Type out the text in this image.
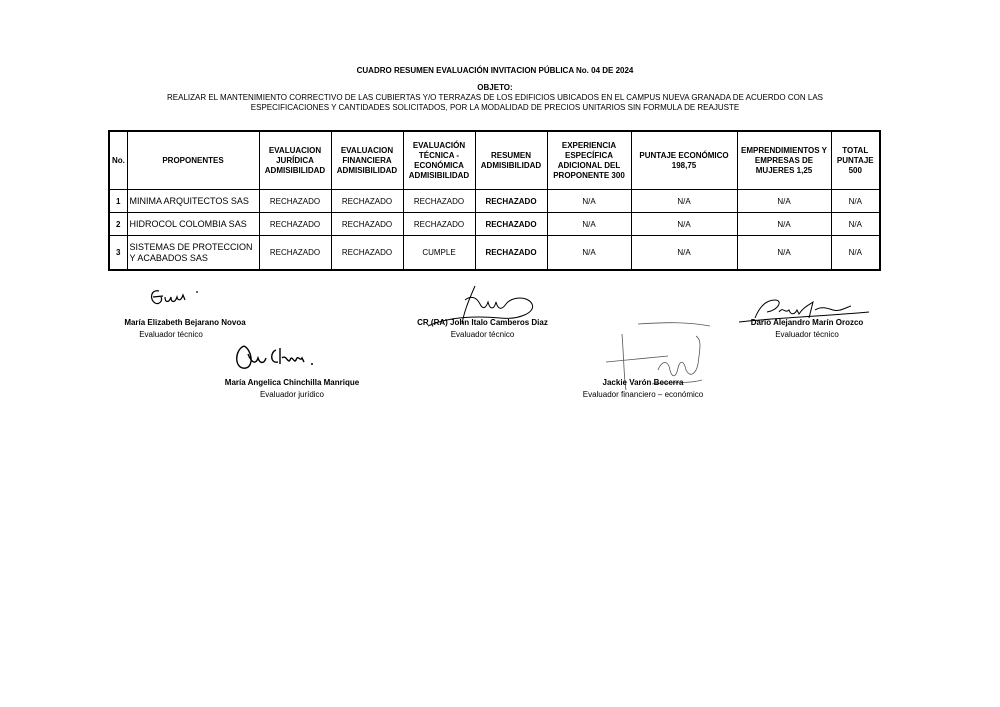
CUADRO RESUMEN EVALUACIÓN INVITACION PÚBLICA No. 04 DE 2024
OBJETO:
REALIZAR EL MANTENIMIENTO CORRECTIVO DE LAS CUBIERTAS Y/O TERRAZAS DE LOS EDIFICIOS UBICADOS EN EL CAMPUS NUEVA GRANADA DE ACUERDO CON LAS
ESPECIFICACIONES Y CANTIDADES SOLICITADOS, POR LA MODALIDAD DE PRECIOS UNITARIOS SIN FORMULA DE REAJUSTE
No.	PROPONENTES	EVALUACION JURÍDICA ADMISIBILIDAD	EVALUACION FINANCIERA ADMISIBILIDAD	EVALUACIÓN TÉCNICA - ECONÓMICA ADMISIBILIDAD	RESUMEN ADMISIBILIDAD	EXPERIENCIA ESPECÍFICA ADICIONAL DEL PROPONENTE 300	PUNTAJE ECONÓMICO 198,75	EMPRENDIMIENTOS Y EMPRESAS DE MUJERES 1,25	TOTAL PUNTAJE 500
1	MINIMA ARQUITECTOS SAS	RECHAZADO	RECHAZADO	RECHAZADO	RECHAZADO	N/A	N/A	N/A	N/A
2	HIDROCOL COLOMBIA SAS	RECHAZADO	RECHAZADO	RECHAZADO	RECHAZADO	N/A	N/A	N/A	N/A
3	SISTEMAS DE PROTECCION Y ACABADOS SAS	RECHAZADO	RECHAZADO	CUMPLE	RECHAZADO	N/A	N/A	N/A	N/A
María Elizabeth Bejarano Novoa
Evaluador técnico
CR (RA) John Italo Camberos Diaz
Evaluador técnico
Dario Alejandro Marín Orozco
Evaluador técnico
María Angelica Chinchilla Manrique
Evaluador jurídico
Jackie Varón Becerra
Evaluador financiero – económico
